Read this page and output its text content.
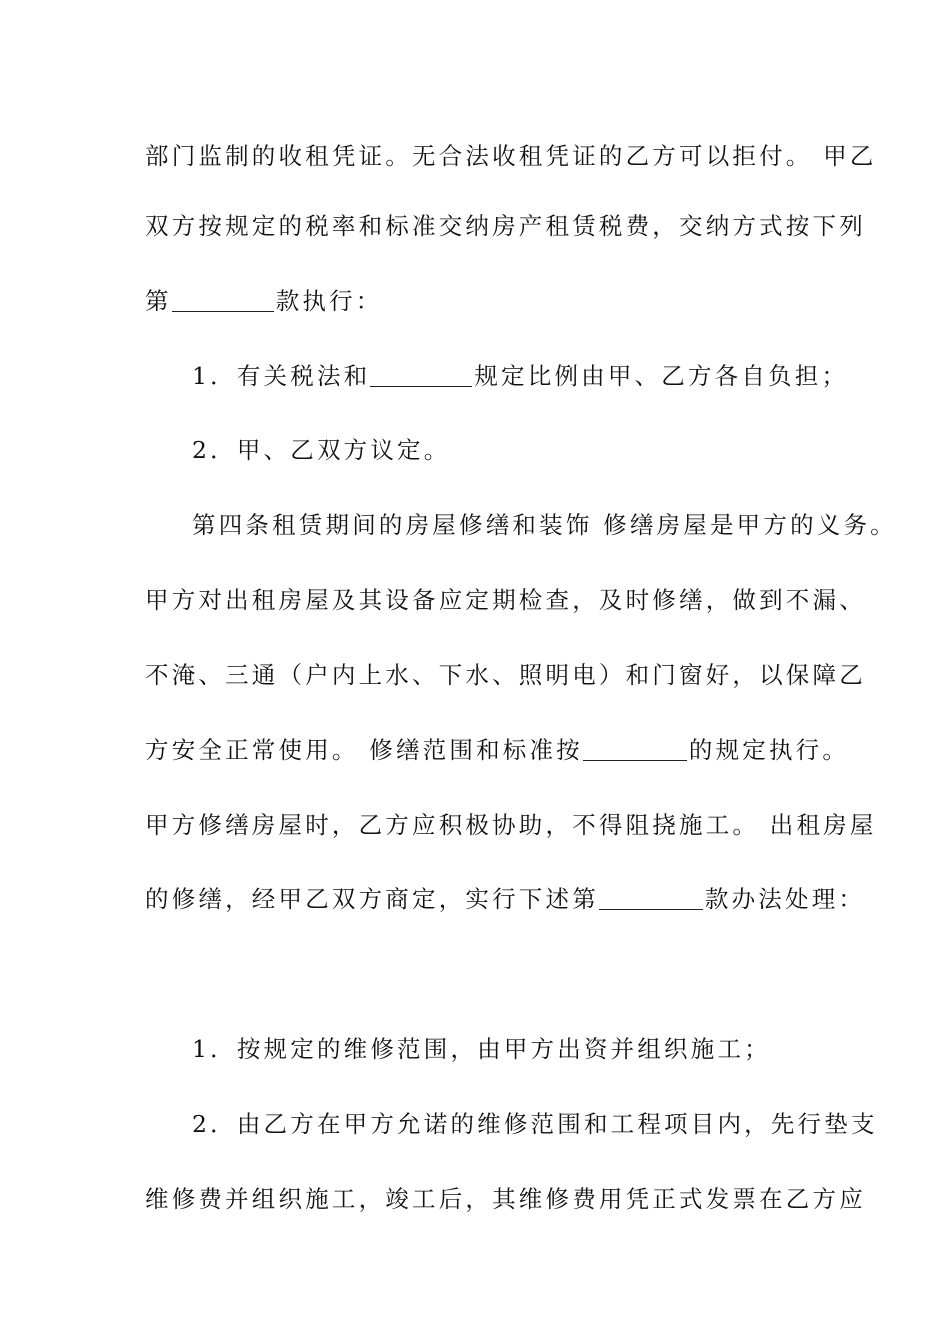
部门监制的收租凭证。无合法收租凭证的乙方可以拒付。 甲乙
双方按规定的税率和标准交纳房产租赁税费，交纳方式按下列
第	款执行：
1．有关税法和	规定比例由甲、乙方各自负担；
2．甲、乙双方议定。
第四条租赁期间的房屋修缮和装饰 修缮房屋是甲方的义务。
甲方对出租房屋及其设备应定期检查，及时修缮，做到不漏、
不淹、三通（户内上水、下水、照明电）和门窗好，以保障乙
方安全正常使用。 修缮范围和标准按	的规定执行。
甲方修缮房屋时，乙方应积极协助，不得阻挠施工。 出租房屋
的修缮，经甲乙双方商定，实行下述第	款办法处理：
1．按规定的维修范围，由甲方出资并组织施工；
2．由乙方在甲方允诺的维修范围和工程项目内，先行垫支
维修费并组织施工，竣工后，其维修费用凭正式发票在乙方应
